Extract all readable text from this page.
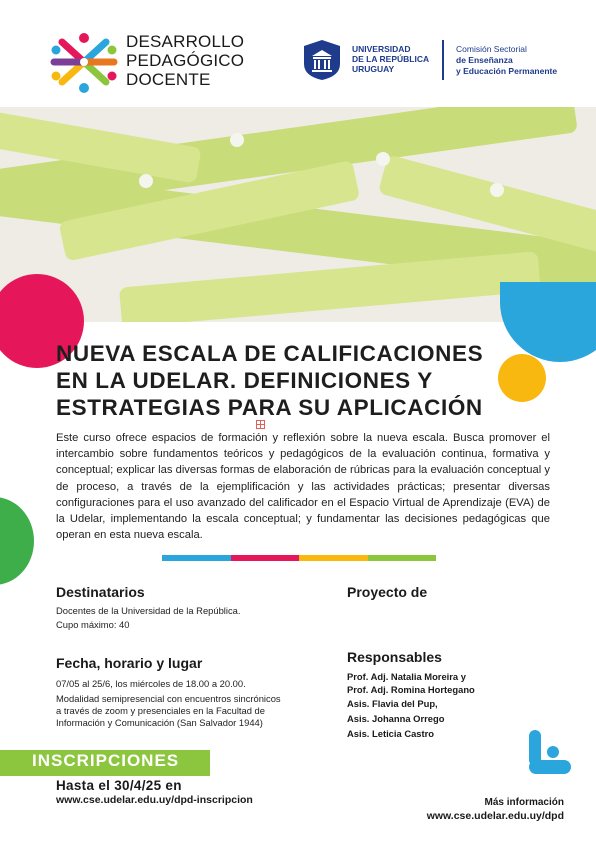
DESARROLLO
PEDAGÓGICO
DOCENTE
UNIVERSIDAD
DE LA REPÚBLICA
URUGUAY
Comisión Sectorial
de Enseñanza
y Educación Permanente
NUEVA ESCALA DE CALIFICACIONES
EN LA UDELAR. DEFINICIONES Y
ESTRATEGIAS PARA SU APLICACIÓN

Este curso ofrece espacios de formación y reflexión sobre la nueva escala. Busca promover el intercambio sobre fundamentos teóricos y pedagógicos de la evaluación continua, formativa y conceptual; explicar las diversas formas de elaboración de rúbricas para la evaluación conceptual y de proceso, a través de la ejemplificación y las actividades prácticas; presentar diversas configuraciones para el uso avanzado del calificador en el Espacio Virtual de Aprendizaje (EVA) de la Udelar, implementando la escala conceptual; y fundamentar las decisiones pedagógicas que operan en esta nueva escala.

Destinatarios
Docentes de la Universidad de la República.
Cupo máximo: 40
Fecha, horario y lugar
07/05 al 25/6, los miércoles de 18.00 a 20.00.
Modalidad semipresencial con encuentros sincrónicos
a través de zoom y presenciales en la Facultad de
Información y Comunicación (San Salvador 1944)
INSCRIPCIONES
Hasta el 30/4/25 en
www.cse.udelar.edu.uy/dpd-inscripcion
Proyecto de
Responsables
Prof. Adj. Natalia Moreira y
Prof. Adj. Romina Hortegano
Asis. Flavia del Pup,
Asis. Johanna Orrego
Asis. Leticia Castro
Más información
www.cse.udelar.edu.uy/dpd
